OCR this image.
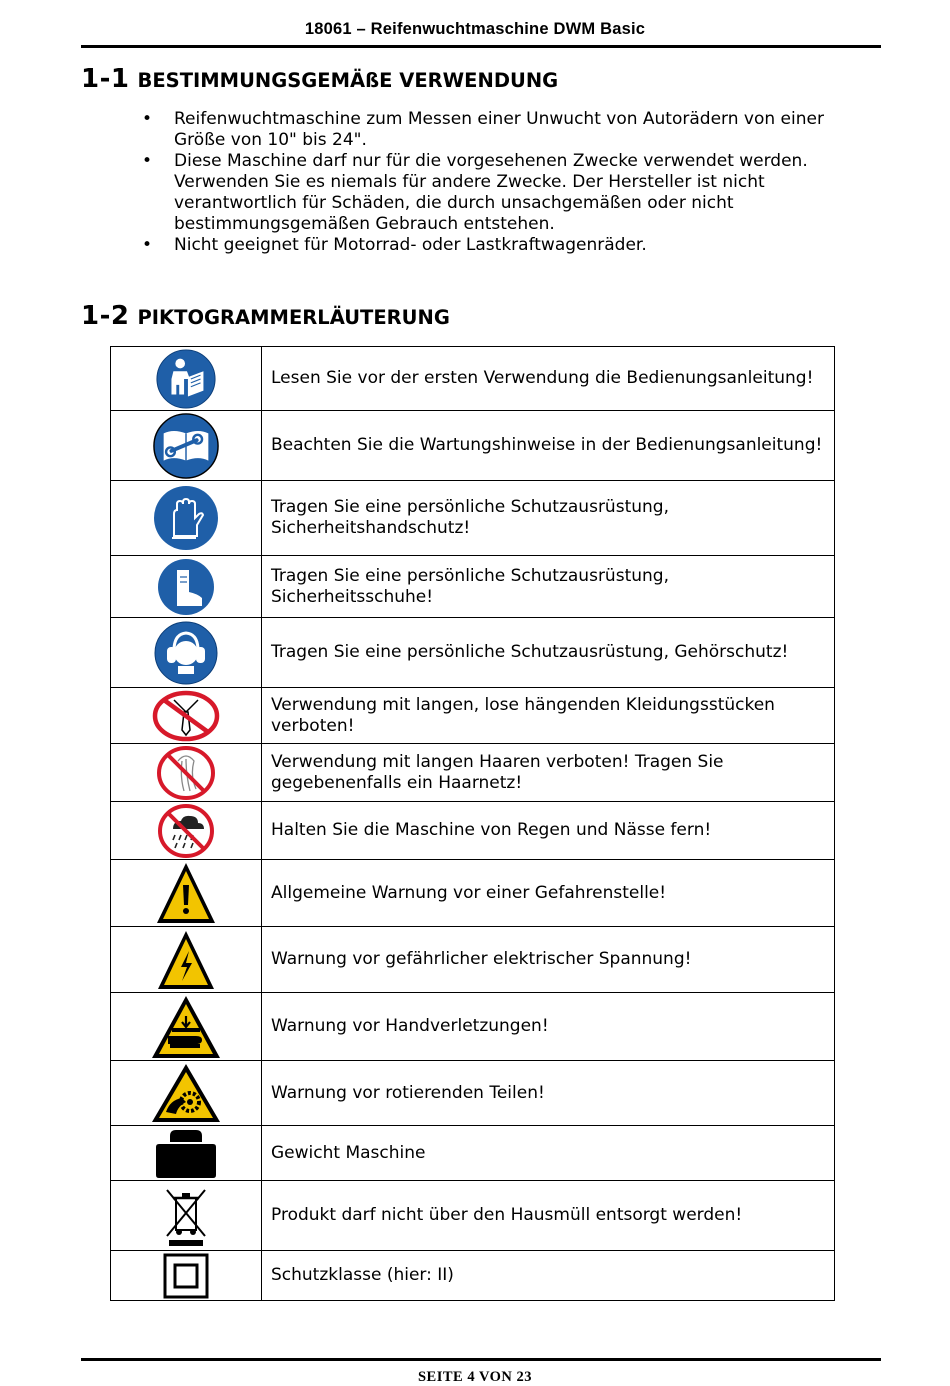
18061 – Reifenwuchtmaschine DWM Basic
1-1 BESTIMMUNGSGEMÄßE VERWENDUNG
• Reifenwuchtmaschine zum Messen einer Unwucht von Autorädern von einer Größe von 10" bis 24".
• Diese Maschine darf nur für die vorgesehenen Zwecke verwendet werden. Verwenden Sie es niemals für andere Zwecke. Der Hersteller ist nicht verantwortlich für Schäden, die durch unsachgemäßen oder nicht bestimmungsgemäßen Gebrauch entstehen.
• Nicht geeignet für Motorrad- oder Lastkraftwagenräder.
1-2 PIKTOGRAMMERLÄUTERUNG
	Lesen Sie vor der ersten Verwendung die Bedienungsanleitung!

	Beachten Sie die Wartungshinweise in der Bedienungsanleitung!

	Tragen Sie eine persönliche Schutzausrüstung, Sicherheitshandschutz!

	Tragen Sie eine persönliche Schutzausrüstung, Sicherheitsschuhe!

	Tragen Sie eine persönliche Schutzausrüstung, Gehörschutz!

	Verwendung mit langen, lose hängenden Kleidungsstücken verboten!

	Verwendung mit langen Haaren verboten! Tragen Sie gegebenenfalls ein Haarnetz!

	Halten Sie die Maschine von Regen und Nässe fern!

	Allgemeine Warnung vor einer Gefahrenstelle!

	Warnung vor gefährlicher elektrischer Spannung!

	Warnung vor Handverletzungen!

	Warnung vor rotierenden Teilen!

	Gewicht Maschine

	Produkt darf nicht über den Hausmüll entsorgt werden!

	Schutzklasse (hier: II)
SEITE 4 VON 23
